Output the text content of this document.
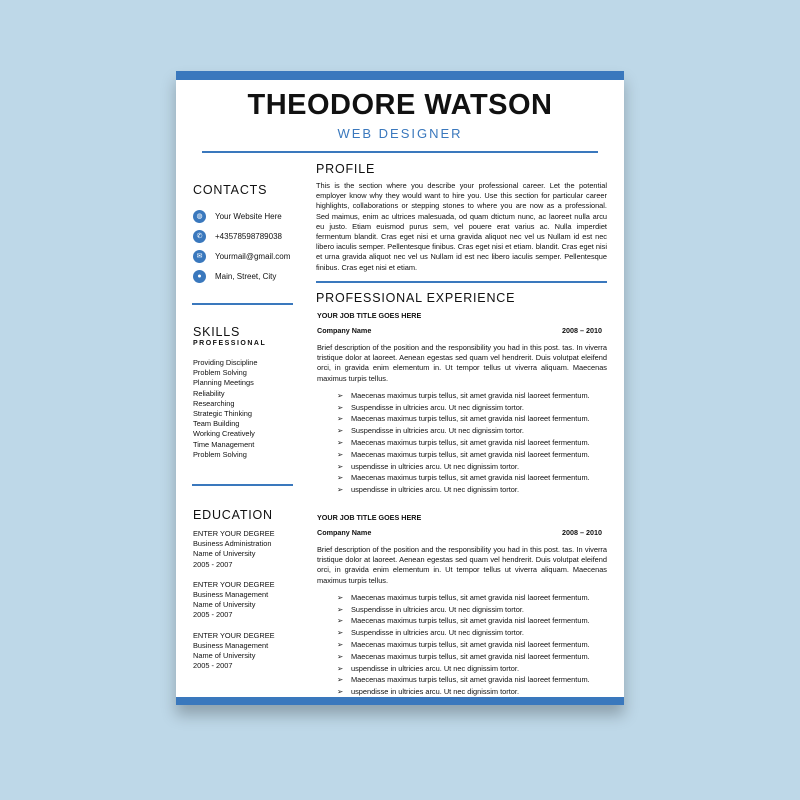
THEODORE WATSON
WEB DESIGNER
CONTACTS
◍	Your Website Here
✆	+43578598789038
✉	Yourmail@gmail.com
●	Main, Street, City
SKILLS
PROFESSIONAL
Providing Discipline
Problem Solving
Planning Meetings
Reliability
Researching
Strategic Thinking
Team Building
Working Creatively
Time Management
Problem Solving
EDUCATION
ENTER YOUR DEGREE
Business Administration
Name of University
2005 - 2007
ENTER YOUR DEGREE
Business Management
Name of University
2005 - 2007
ENTER YOUR DEGREE
Business Management
Name of University
2005 - 2007
PROFILE

This is the section where you describe your professional career. Let the potential employer know why they would want to hire you. Use this section for particular career highlights, collaborations or stepping stones to where you are now as a professional. Sed maimus, enim ac ultrices malesuada, od quam dtictum nunc, ac laoreet nulla arcu eu justo. Etiam euismod purus sem, vel pouere erat varius ac. Nulla imperdiet fermentum blandit. Cras eget nisi et urna gravida aliquot nec vel us Nullam id est nec libero iaculis semper. Pellentesque finibus. Cras eget nisi et etiam. blandit. Cras eget nisi et urna gravida aliquot nec vel us Nullam id est nec libero iaculis semper. Pellentesque finibus. Cras eget nisi et etiam.

PROFESSIONAL EXPERIENCE
YOUR JOB TITLE GOES HERE
Company Name	2008 – 2010

Brief description of the position and the responsibility you had in this post. tas. In viverra tristique dolor at laoreet. Aenean egestas sed quam vel hendrerit. Duis volutpat eleifend orci, in gravida enim elementum in. Ut tempor tellus ut viverra aliquam. Maecenas maximus turpis tellus.

➢	Maecenas maximus turpis tellus, sit amet gravida nisl laoreet fermentum.
➢	Suspendisse in ultricies arcu. Ut nec dignissim tortor.
➢	Maecenas maximus turpis tellus, sit amet gravida nisl laoreet fermentum.
➢	Suspendisse in ultricies arcu. Ut nec dignissim tortor.
➢	Maecenas maximus turpis tellus, sit amet gravida nisl laoreet fermentum.
➢	Maecenas maximus turpis tellus, sit amet gravida nisl laoreet fermentum.
➢	uspendisse in ultricies arcu. Ut nec dignissim tortor.
➢	Maecenas maximus turpis tellus, sit amet gravida nisl laoreet fermentum.
➢	uspendisse in ultricies arcu. Ut nec dignissim tortor.
YOUR JOB TITLE GOES HERE
Company Name	2008 – 2010

Brief description of the position and the responsibility you had in this post. tas. In viverra tristique dolor at laoreet. Aenean egestas sed quam vel hendrerit. Duis volutpat eleifend orci, in gravida enim elementum in. Ut tempor tellus ut viverra aliquam. Maecenas maximus turpis tellus.

➢	Maecenas maximus turpis tellus, sit amet gravida nisl laoreet fermentum.
➢	Suspendisse in ultricies arcu. Ut nec dignissim tortor.
➢	Maecenas maximus turpis tellus, sit amet gravida nisl laoreet fermentum.
➢	Suspendisse in ultricies arcu. Ut nec dignissim tortor.
➢	Maecenas maximus turpis tellus, sit amet gravida nisl laoreet fermentum.
➢	Maecenas maximus turpis tellus, sit amet gravida nisl laoreet fermentum.
➢	uspendisse in ultricies arcu. Ut nec dignissim tortor.
➢	Maecenas maximus turpis tellus, sit amet gravida nisl laoreet fermentum.
➢	uspendisse in ultricies arcu. Ut nec dignissim tortor.
